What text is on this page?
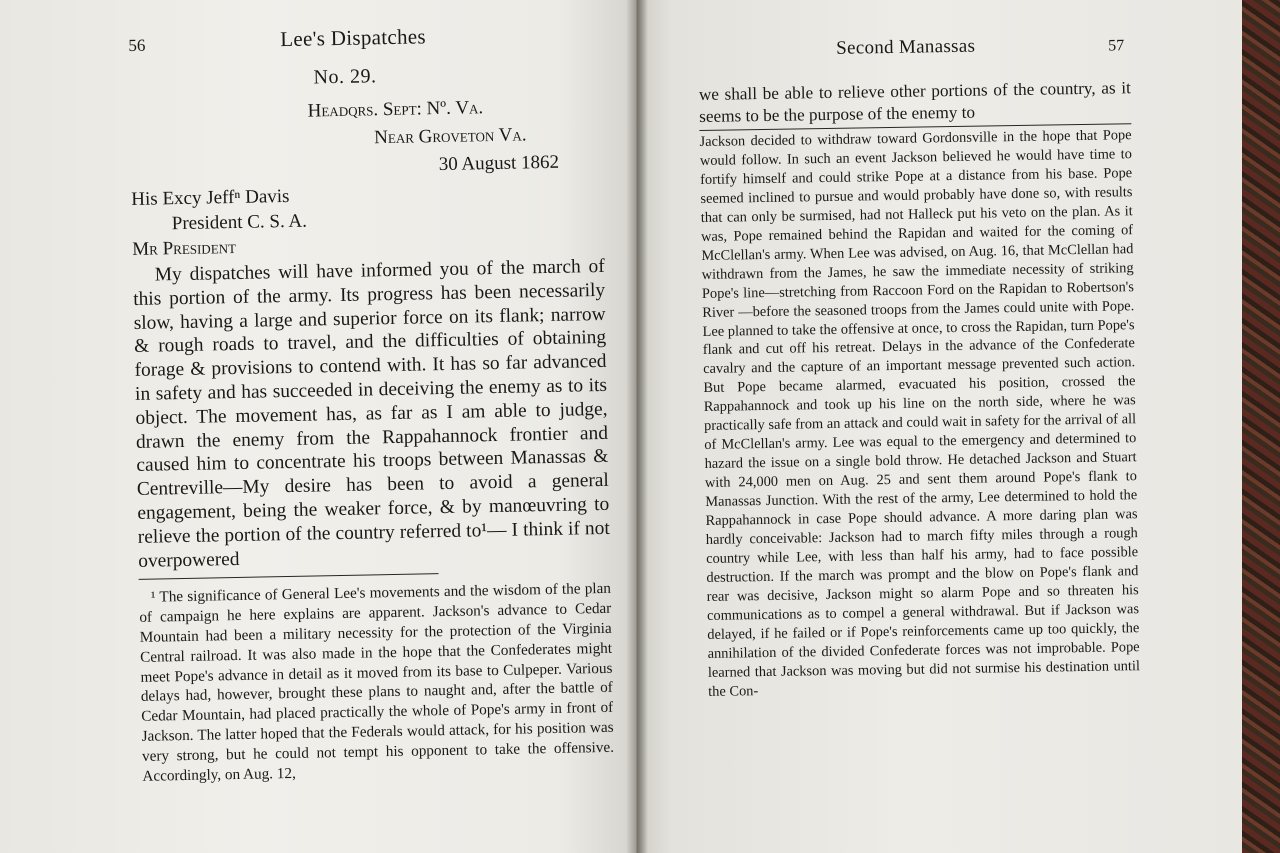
56	Lee's Dispatches
No. 29.
Headqrs. Sept: Nº. Va.
Near Groveton Va.
30 August 1862
His Excy Jeffⁿ Davis
President C. S. A.
Mr President

My dispatches will have informed you of the march of this portion of the army. Its progress has been necessarily slow, having a large and superior force on its flank; narrow & rough roads to travel, and the difficulties of obtaining forage & provisions to contend with. It has so far advanced in safety and has succeeded in deceiving the enemy as to its object. The movement has, as far as I am able to judge, drawn the enemy from the Rappahannock frontier and caused him to concentrate his troops between Manassas & Centreville—My desire has been to avoid a general engagement, being the weaker force, & by manœuvring to relieve the portion of the country referred to¹— I think if not overpowered

¹ The significance of General Lee's movements and the wisdom of the plan of campaign he here explains are apparent. Jackson's advance to Cedar Mountain had been a military necessity for the protection of the Virginia Central railroad. It was also made in the hope that the Confederates might meet Pope's advance in detail as it moved from its base to Culpeper. Various delays had, however, brought these plans to naught and, after the battle of Cedar Mountain, had placed practically the whole of Pope's army in front of Jackson. The latter hoped that the Federals would attack, for his position was very strong, but he could not tempt his opponent to take the offensive. Accordingly, on Aug. 12,

Second Manassas	57

we shall be able to relieve other portions of the country, as it seems to be the purpose of the enemy to

Jackson decided to withdraw toward Gordonsville in the hope that Pope would follow. In such an event Jackson believed he would have time to fortify himself and could strike Pope at a distance from his base. Pope seemed inclined to pursue and would probably have done so, with results that can only be surmised, had not Halleck put his veto on the plan. As it was, Pope remained behind the Rapidan and waited for the coming of McClellan's army. When Lee was advised, on Aug. 16, that McClellan had withdrawn from the James, he saw the immediate necessity of striking Pope's line—stretching from Raccoon Ford on the Rapidan to Robertson's River —before the seasoned troops from the James could unite with Pope. Lee planned to take the offensive at once, to cross the Rapidan, turn Pope's flank and cut off his retreat. Delays in the advance of the Confederate cavalry and the capture of an important message prevented such action. But Pope became alarmed, evacuated his position, crossed the Rappahannock and took up his line on the north side, where he was practically safe from an attack and could wait in safety for the arrival of all of McClellan's army. Lee was equal to the emergency and determined to hazard the issue on a single bold throw. He detached Jackson and Stuart with 24,000 men on Aug. 25 and sent them around Pope's flank to Manassas Junction. With the rest of the army, Lee determined to hold the Rappahannock in case Pope should advance. A more daring plan was hardly conceivable: Jackson had to march fifty miles through a rough country while Lee, with less than half his army, had to face possible destruction. If the march was prompt and the blow on Pope's flank and rear was decisive, Jackson might so alarm Pope and so threaten his communications as to compel a general withdrawal. But if Jackson was delayed, if he failed or if Pope's reinforcements came up too quickly, the annihilation of the divided Confederate forces was not improbable. Pope learned that Jackson was moving but did not surmise his destination until the Con-
